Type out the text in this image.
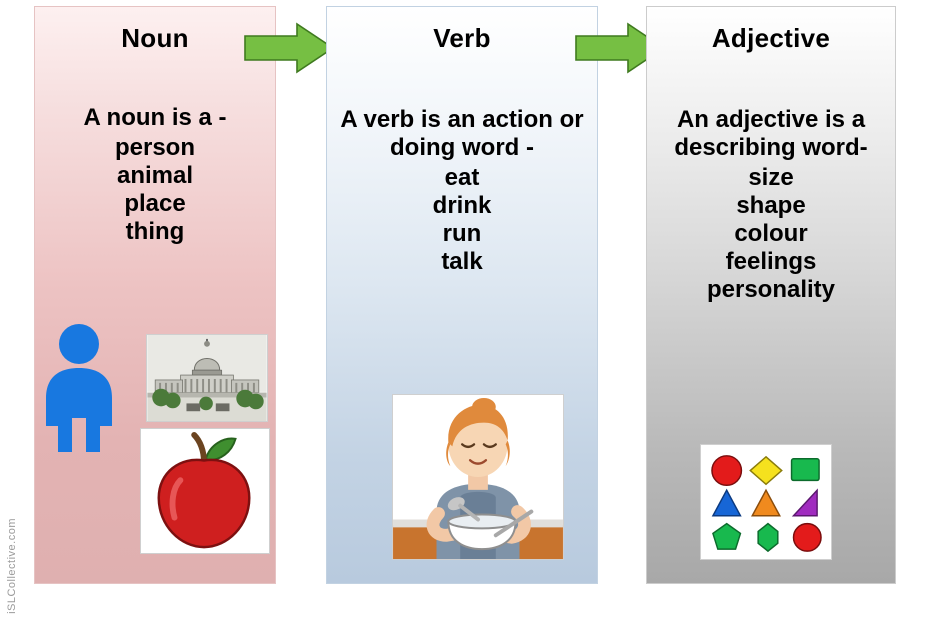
Noun
A noun is a -
person
animal
place
thing
Verb
A verb is an action or doing word -
eat
drink
run
talk
Adjective
An adjective is a describing word-
size
shape
colour
feelings
personality
iSLCollective.com
